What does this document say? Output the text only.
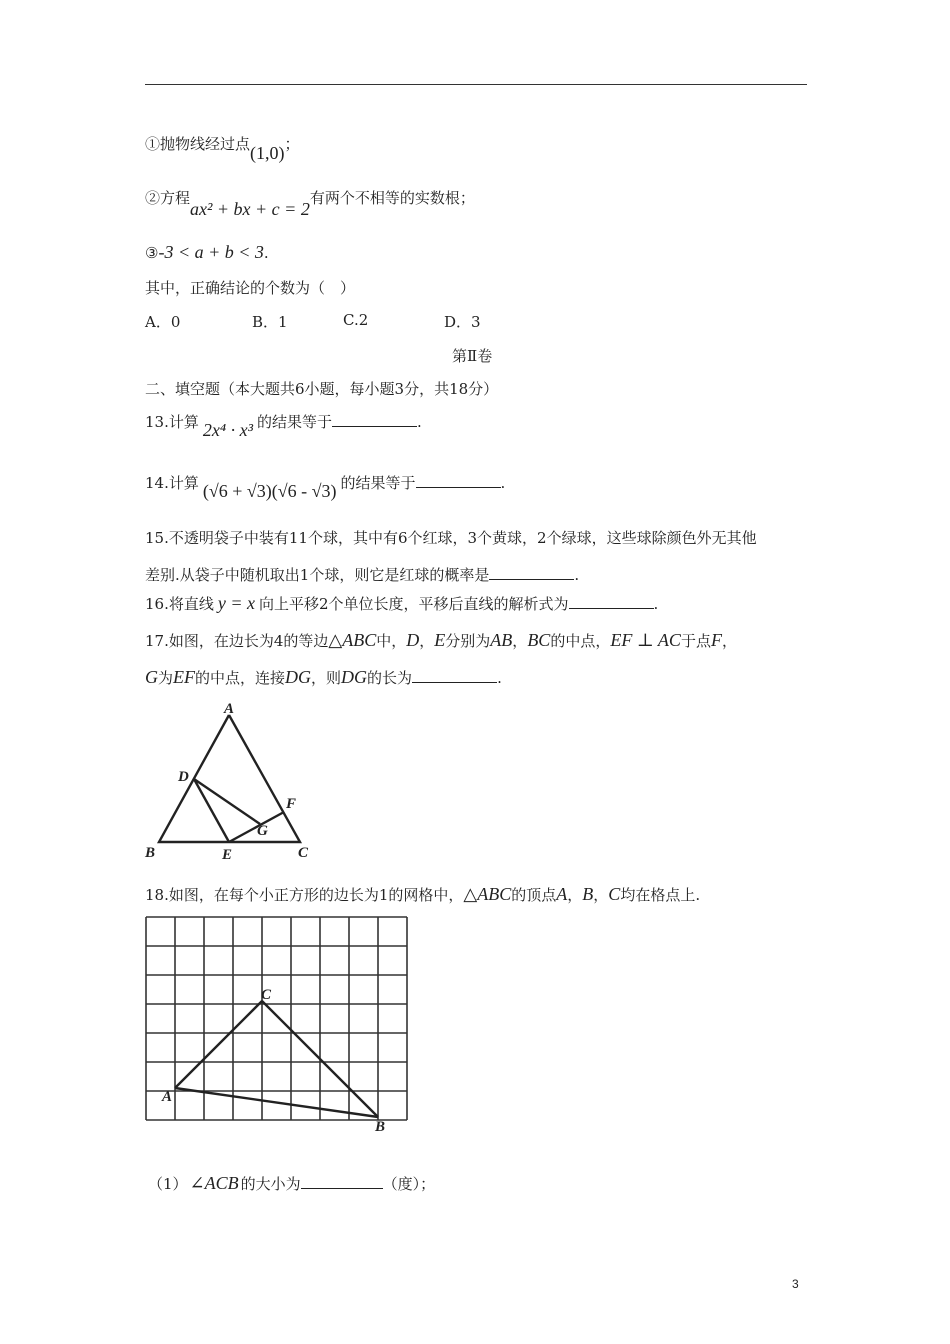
①抛物线经过点(1,0)；
②方程ax² + bx + c = 2有两个不相等的实数根；
③-3 < a + b < 3.
其中，正确结论的个数为（　）
A．0	B．1	C.2	D．3
第Ⅱ卷
二、填空题（本大题共6小题，每小题3分，共18分）
13.计算 2x⁴ · x³ 的结果等于	.
14.计算 (√6 + √3)(√6 - √3) 的结果等于	.
15.不透明袋子中装有11个球，其中有6个红球，3个黄球，2个绿球，这些球除颜色外无其他
差别.从袋子中随机取出1个球，则它是红球的概率是	.
16.将直线 y = x 向上平移2个单位长度，平移后直线的解析式为	.
17.如图，在边长为4的等边△ABC中，D，E分别为AB，BC的中点，EF ⊥ AC于点F，
G为EF的中点，连接DG，则DG的长为	.
A
B	C
D
E
F
G
18.如图，在每个小正方形的边长为1的网格中，△ABC的顶点A，B，C均在格点上.
A
B
C
（1） ∠ACB 的大小为	（度）；
3
